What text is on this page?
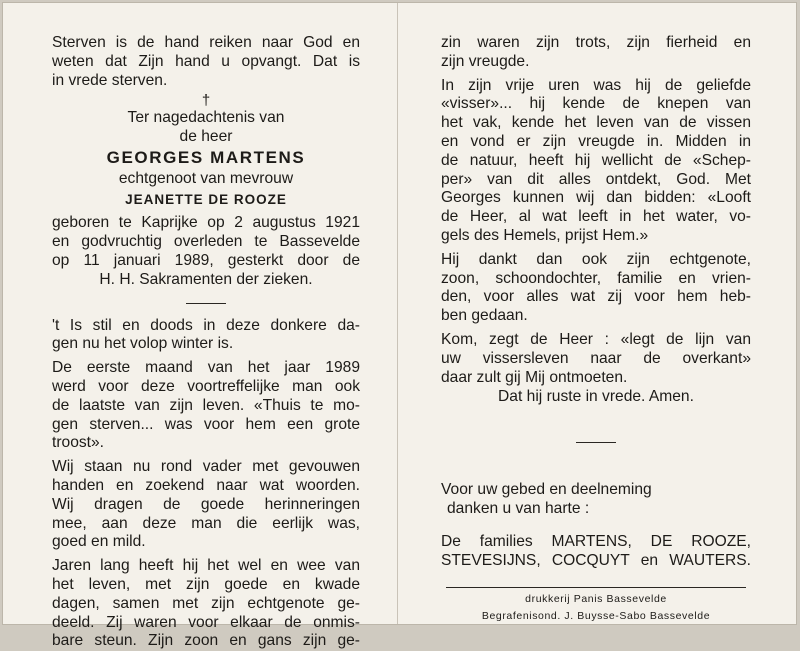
Sterven is de hand reiken naar God en

weten dat Zijn hand u opvangt. Dat is

in vrede sterven.

†

Ter nagedachtenis van

de heer

GEORGES MARTENS

echtgenoot van mevrouw

JEANETTE DE ROOZE

geboren te Kaprijke op 2 augustus 1921

en godvruchtig overleden te Bassevelde

op 11 januari 1989, gesterkt door de

H. H. Sakramenten der zieken.

't Is stil en doods in deze donkere da-

gen nu het volop winter is.

De eerste maand van het jaar 1989

werd voor deze voortreffelijke man ook

de laatste van zijn leven. «Thuis te mo-

gen sterven... was voor hem een grote

troost».

Wij staan nu rond vader met gevouwen

handen en zoekend naar wat woorden.

Wij dragen de goede herinneringen

mee, aan deze man die eerlijk was,

goed en mild.

Jaren lang heeft hij het wel en wee van

het leven, met zijn goede en kwade

dagen, samen met zijn echtgenote ge-

deeld. Zij waren voor elkaar de onmis-

bare steun. Zijn zoon en gans zijn ge-

zin waren zijn trots, zijn fierheid en

zijn vreugde.

In zijn vrije uren was hij de geliefde

«visser»... hij kende de knepen van

het vak, kende het leven van de vissen

en vond er zijn vreugde in. Midden in

de natuur, heeft hij wellicht de «Schep-

per» van dit alles ontdekt, God. Met

Georges kunnen wij dan bidden: «Looft

de Heer, al wat leeft in het water, vo-

gels des Hemels, prijst Hem.»

Hij dankt dan ook zijn echtgenote,

zoon, schoondochter, familie en vrien-

den, voor alles wat zij voor hem heb-

ben gedaan.

Kom, zegt de Heer : «legt de lijn van

uw vissersleven naar de overkant»

daar zult gij Mij ontmoeten.

Dat hij ruste in vrede. Amen.

Voor uw gebed en deelneming

danken u van harte :

De families MARTENS, DE ROOZE,

STEVESIJNS, COCQUYT en WAUTERS.

drukkerij Panis Bassevelde

Begrafenisond. J. Buysse-Sabo Bassevelde
